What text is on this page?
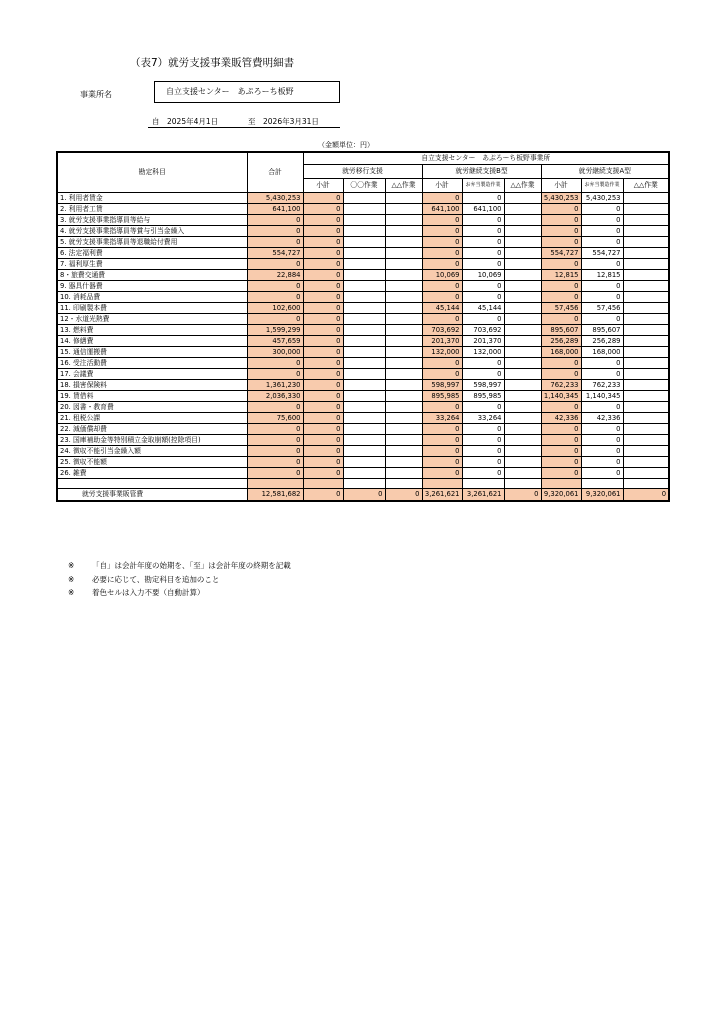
（表7）就労支援事業販管費明細書
事業所名	自立支援センター　あぷろーち板野
自　2025年4月1日	至　2026年3月31日
（金額単位：円）
勘定科目	合計	自立支援センター　あぷろーち板野事業所								
		就労移行支援			就労継続支援B型			就労継続支援A型		
		小計	〇〇作業	△△作業	小計	お弁当製造作業	△△作業	小計	お弁当製造作業	△△作業
1. 利用者賃金	5,430,253	0			0	0		5,430,253	5,430,253	
2. 利用者工賃	641,100	0			641,100	641,100		0	0	
3. 就労支援事業指導員等給与	0	0			0	0		0	0	
4. 就労支援事業指導員等賞与引当金繰入	0	0			0	0		0	0	
5. 就労支援事業指導員等退職給付費用	0	0			0	0		0	0	
6. 法定福利費	554,727	0			0	0		554,727	554,727	
7. 福利厚生費	0	0			0	0		0	0	
8・旅費交通費	22,884	0			10,069	10,069		12,815	12,815	
9. 器具什器費	0	0			0	0		0	0	
10. 消耗品費	0	0			0	0		0	0	
11. 印刷製本費	102,600	0			45,144	45,144		57,456	57,456	
12・水道光熱費	0	0			0	0		0	0	
13. 燃料費	1,599,299	0			703,692	703,692		895,607	895,607	
14. 修繕費	457,659	0			201,370	201,370		256,289	256,289	
15. 通信運搬費	300,000	0			132,000	132,000		168,000	168,000	
16. 受注活動費	0	0			0	0		0	0	
17. 会議費	0	0			0	0		0	0	
18. 損害保険料	1,361,230	0			598,997	598,997		762,233	762,233	
19. 賃借料	2,036,330	0			895,985	895,985		1,140,345	1,140,345	
20. 図書・教育費	0	0			0	0		0	0	
21. 租税公課	75,600	0			33,264	33,264		42,336	42,336	
22. 減価償却費	0	0			0	0		0	0	
23. 国庫補助金等特別積立金取崩額(控除項目)	0	0			0	0		0	0	
24. 徴収不能引当金繰入額	0	0			0	0		0	0	
25. 徴収不能額	0	0			0	0		0	0	
26. 雑費	0	0			0	0		0	0	

就労支援事業販管費	12,581,682	0	0	0	3,261,621	3,261,621	0	9,320,061	9,320,061	0
※ 「自」は会計年度の始期を、「至」は会計年度の終期を記載
※ 必要に応じて、勘定科目を追加のこと
※ 着色セルは入力不要（自動計算）
